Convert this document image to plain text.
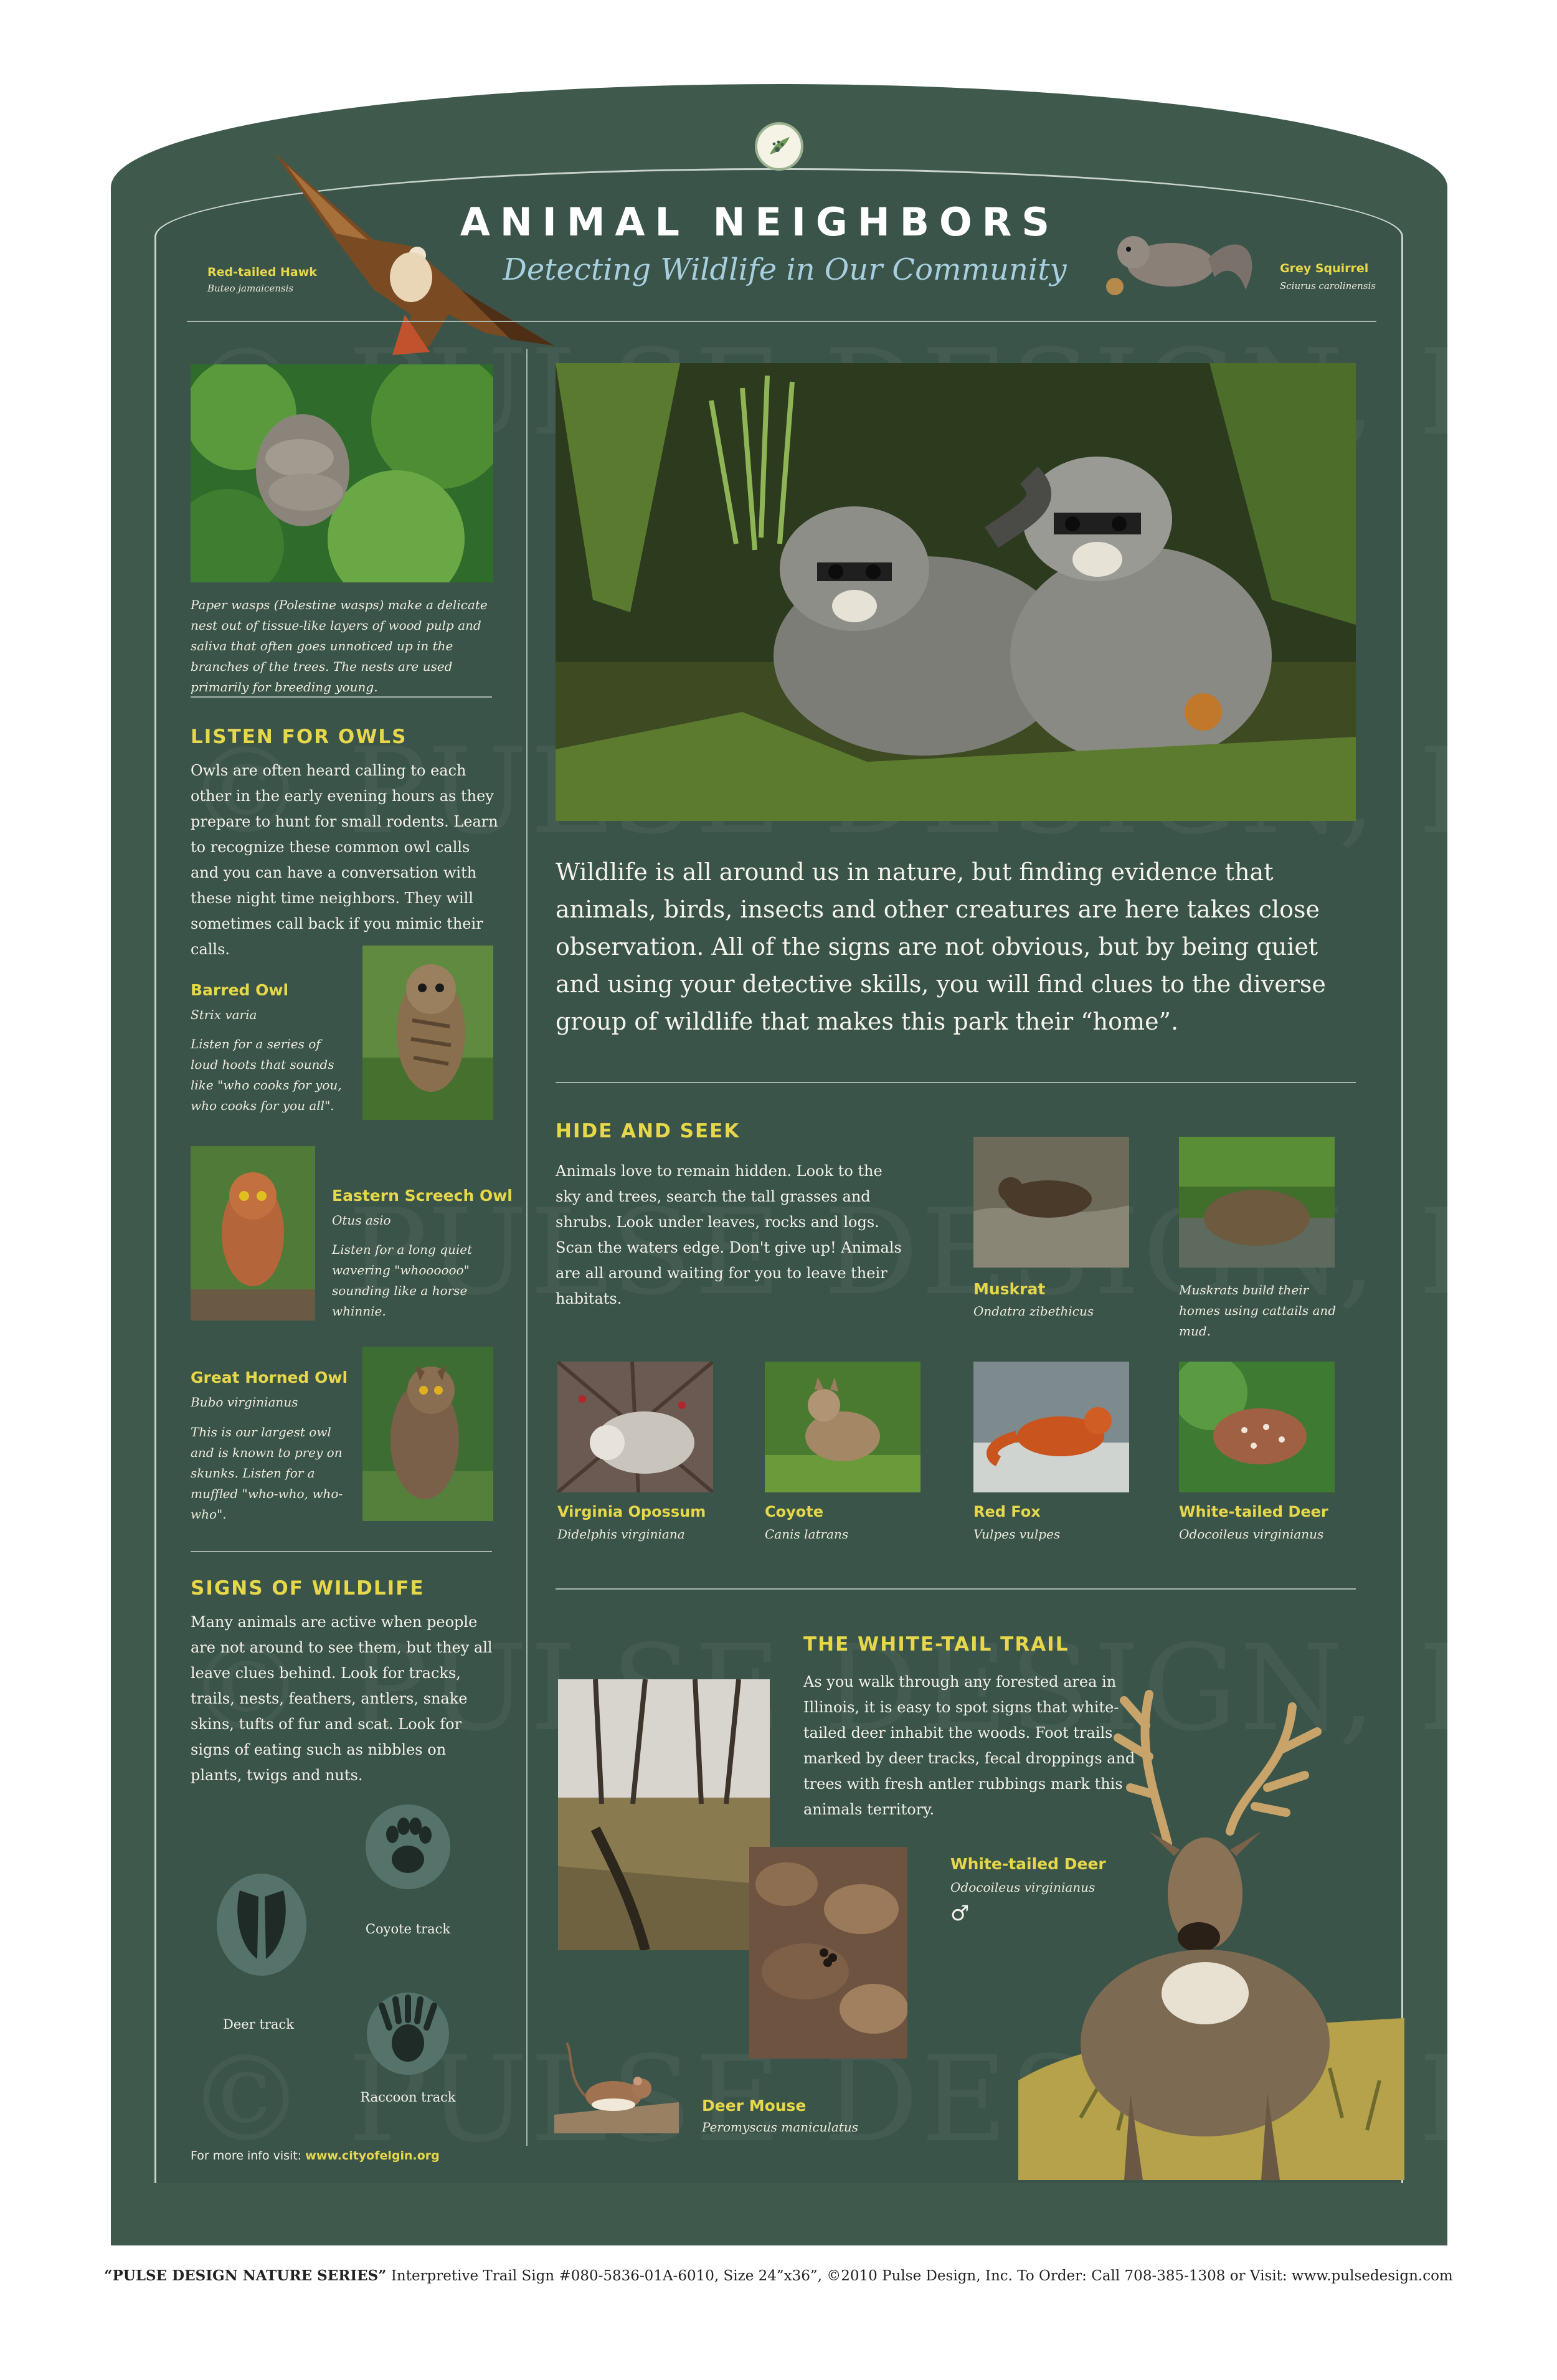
ANIMAL NEIGHBORS
Detecting Wildlife in Our Community
Red-tailed Hawk
Buteo jamaicensis
Grey Squirrel
Sciurus carolinensis
Paper wasps (Polestine wasps) make a delicate nest out of tissue-like layers of wood pulp and saliva that often goes unnoticed up in the branches of the trees. The nests are used primarily for breeding young.
LISTEN FOR OWLS
Owls are often heard calling to each other in the early evening hours as they prepare to hunt for small rodents. Learn to recognize these common owl calls and you can have a conversation with these night time neighbors. They will sometimes call back if you mimic their calls.
Barred Owl
Strix varia
Listen for a series of loud hoots that sounds like "who cooks for you, who cooks for you all".
Eastern Screech Owl
Otus asio
Listen for a long quiet wavering "whoooooo" sounding like a horse whinnie.
Great Horned Owl
Bubo virginianus
This is our largest owl and is known to prey on skunks. Listen for a muffled "who-who, who-who".
SIGNS OF WILDLIFE
Many animals are active when people are not around to see them, but they all leave clues behind. Look for tracks, trails, nests, feathers, antlers, snake skins, tufts of fur and scat. Look for signs of eating such as nibbles on plants, twigs and nuts.
Coyote track
Deer track
Raccoon track
For more info visit: www.cityofelgin.org
Wildlife is all around us in nature, but finding evidence that animals, birds, insects and other creatures are here takes close observation. All of the signs are not obvious, but by being quiet and using your detective skills, you will find clues to the diverse group of wildlife that makes this park their “home”.
HIDE AND SEEK
Animals love to remain hidden. Look to the sky and trees, search the tall grasses and shrubs. Look under leaves, rocks and logs. Scan the waters edge. Don't give up! Animals are all around waiting for you to leave their habitats.
Muskrat
Ondatra zibethicus
Muskrats build their homes using cattails and mud.
Virginia Opossum
Didelphis virginiana
Coyote
Canis latrans
Red Fox
Vulpes vulpes
White-tailed Deer
Odocoileus virginianus
THE WHITE-TAIL TRAIL
As you walk through any forested area in Illinois, it is easy to spot signs that white-tailed deer inhabit the woods. Foot trails marked by deer tracks, fecal droppings and trees with fresh antler rubbings mark this animals territory.
White-tailed Deer
Odocoileus virginianus
♂
Deer Mouse
Peromyscus maniculatus
“PULSE DESIGN NATURE SERIES” Interpretive Trail Sign #080-5836-01A-6010, Size 24”x36”, ©2010 Pulse Design, Inc. To Order: Call 708-385-1308 or Visit: www.pulsedesign.com
